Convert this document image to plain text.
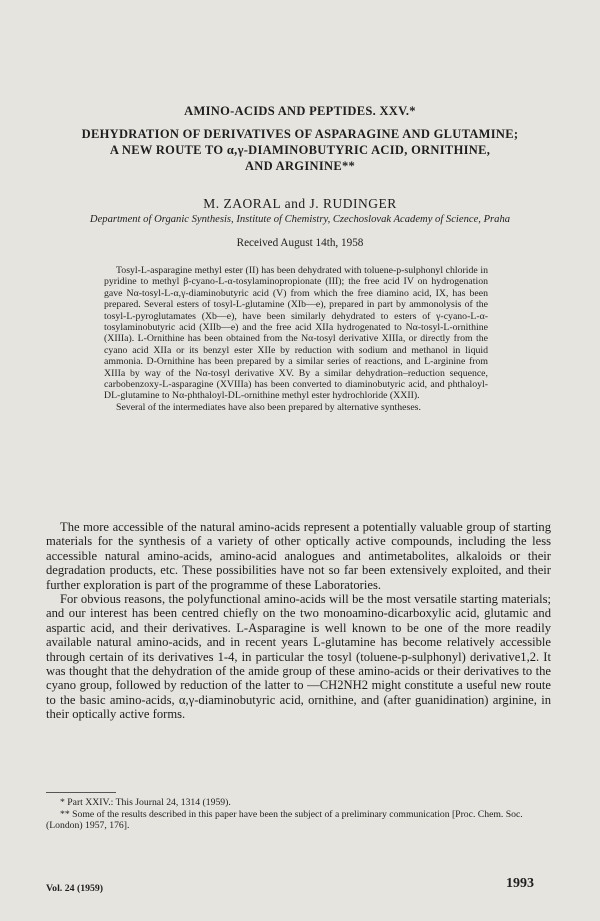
AMINO-ACIDS AND PEPTIDES. XXV.*
DEHYDRATION OF DERIVATIVES OF ASPARAGINE AND GLUTAMINE;
A NEW ROUTE TO α,γ-DIAMINOBUTYRIC ACID, ORNITHINE,
AND ARGININE**
M. ZAORAL and J. RUDINGER
Department of Organic Synthesis, Institute of Chemistry, Czechoslovak Academy of Science, Praha
Received August 14th, 1958

Tosyl-L-asparagine methyl ester (II) has been dehydrated with toluene-p-sulphonyl chloride in pyridine to methyl β-cyano-L-α-tosylaminopropionate (III); the free acid IV on hydrogenation gave Nα-tosyl-L-α,γ-diaminobutyric acid (V) from which the free diamino acid, IX, has been prepared. Several esters of tosyl-L-glutamine (XIb—e), prepared in part by ammonolysis of the tosyl-L-pyroglutamates (Xb—e), have been similarly dehydrated to esters of γ-cyano-L-α-tosylaminobutyric acid (XIIb—e) and the free acid XIIa hydrogenated to Nα-tosyl-L-ornithine (XIIIa). L-Ornithine has been obtained from the Nα-tosyl derivative XIIIa, or directly from the cyano acid XIIa or its benzyl ester XIIe by reduction with sodium and methanol in liquid ammonia. D-Ornithine has been prepared by a similar series of reactions, and L-arginine from XIIIa by way of the Nα-tosyl derivative XV. By a similar dehydration–reduction sequence, carbobenzoxy-L-asparagine (XVIIIa) has been converted to diaminobutyric acid, and phthaloyl-DL-glutamine to Nα-phthaloyl-DL-ornithine methyl ester hydrochloride (XXII).

Several of the intermediates have also been prepared by alternative syntheses.

The more accessible of the natural amino-acids represent a potentially valuable group of starting materials for the synthesis of a variety of other optically active compounds, including the less accessible natural amino-acids, amino-acid analogues and antimetabolites, alkaloids or their degradation products, etc. These possibilities have not so far been extensively exploited, and their further exploration is part of the programme of these Laboratories.

For obvious reasons, the polyfunctional amino-acids will be the most versatile starting materials; and our interest has been centred chiefly on the two monoamino-dicarboxylic acid, glutamic and aspartic acid, and their derivatives. L-Asparagine is well known to be one of the more readily available natural amino-acids, and in recent years L-glutamine has become relatively accessible through certain of its derivatives 1-4, in particular the tosyl (toluene-p-sulphonyl) derivative1,2. It was thought that the dehydration of the amide group of these amino-acids or their derivatives to the cyano group, followed by reduction of the latter to —CH2NH2 might constitute a useful new route to the basic amino-acids, α,γ-diaminobutyric acid, ornithine, and (after guanidination) arginine, in their optically active forms.

* Part XXIV.: This Journal 24, 1314 (1959).

** Some of the results described in this paper have been the subject of a preliminary communication [Proc. Chem. Soc. (London) 1957, 176].

Vol. 24 (1959)	1993
